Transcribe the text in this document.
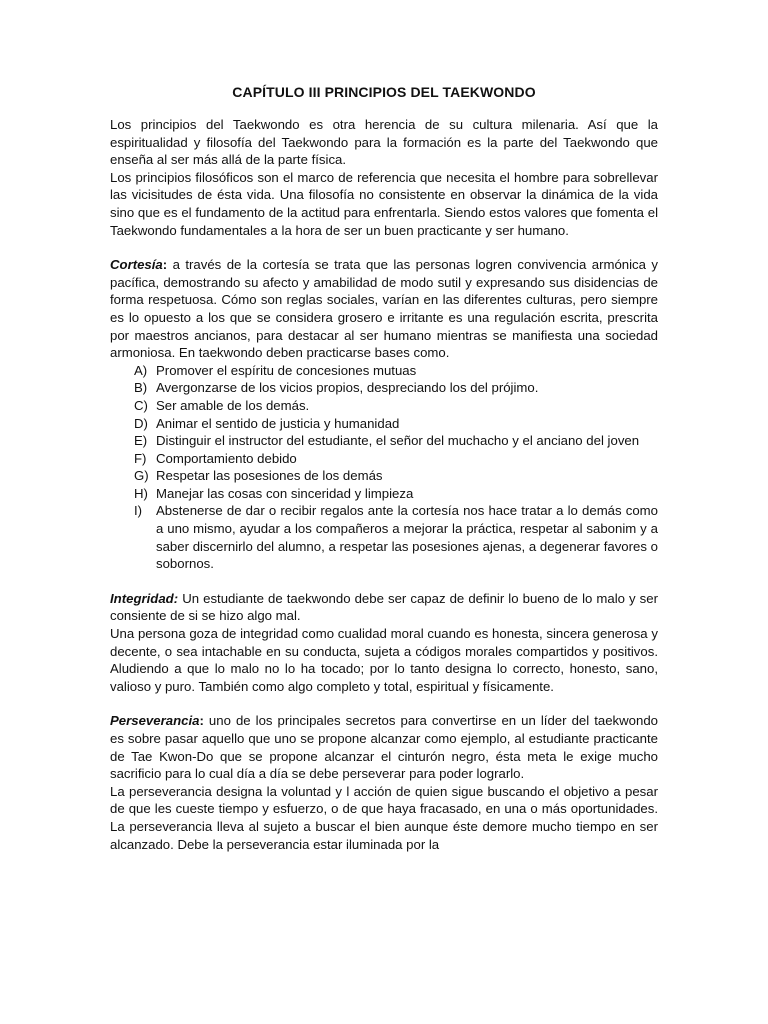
CAPÍTULO III PRINCIPIOS DEL TAEKWONDO

Los principios del Taekwondo es otra herencia de su cultura milenaria. Así que la espiritualidad y filosofía del Taekwondo para la formación es la parte del Taekwondo que enseña al ser más allá de la parte física.

Los principios filosóficos son el marco de referencia que necesita el hombre para sobrellevar las vicisitudes de ésta vida. Una filosofía no consistente en observar la dinámica de la vida sino que es el fundamento de la actitud para enfrentarla. Siendo estos valores que fomenta el Taekwondo fundamentales a la hora de ser un buen practicante y ser humano.

Cortesía: a través de la cortesía se trata que las personas logren convivencia armónica y pacífica, demostrando su afecto y amabilidad de modo sutil y expresando sus disidencias de forma respetuosa. Cómo son reglas sociales, varían en las diferentes culturas, pero siempre es lo opuesto a los que se considera grosero e irritante es una regulación escrita, prescrita por maestros ancianos, para destacar al ser humano mientras se manifiesta una sociedad armoniosa. En taekwondo deben practicarse bases como.

A) Promover el espíritu de concesiones mutuas
B) Avergonzarse de los vicios propios, despreciando los del prójimo.
C) Ser amable de los demás.
D) Animar el sentido de justicia y humanidad
E) Distinguir el instructor del estudiante, el señor del muchacho y el anciano del joven
F) Comportamiento debido
G) Respetar las posesiones de los demás
H) Manejar las cosas con sinceridad y limpieza
I)	Abstenerse de dar o recibir regalos ante la cortesía nos hace tratar a lo demás como a uno mismo, ayudar a los compañeros a mejorar la práctica, respetar al sabonim y a saber discernirlo del alumno, a respetar las posesiones ajenas, a degenerar favores o sobornos.

Integridad: Un estudiante de taekwondo debe ser capaz de definir lo bueno de lo malo y ser consiente de si se hizo algo mal.

Una persona goza de integridad como cualidad moral cuando es honesta, sincera generosa y decente, o sea intachable en su conducta, sujeta a códigos morales compartidos y positivos. Aludiendo a que lo malo no lo ha tocado; por lo tanto designa lo correcto, honesto, sano, valioso y puro. También como algo completo y total, espiritual y físicamente.

Perseverancia: uno de los principales secretos para convertirse en un líder del taekwondo es sobre pasar aquello que uno se propone alcanzar como ejemplo, al estudiante practicante de Tae Kwon-Do que se propone alcanzar el cinturón negro, ésta meta le exige mucho sacrificio para lo cual día a día se debe perseverar para poder lograrlo.

La perseverancia designa la voluntad y l acción de quien sigue buscando el objetivo a pesar de que les cueste tiempo y esfuerzo, o de que haya fracasado, en una o más oportunidades. La perseverancia lleva al sujeto a buscar el bien aunque éste demore mucho tiempo en ser alcanzado. Debe la perseverancia estar iluminada por la
